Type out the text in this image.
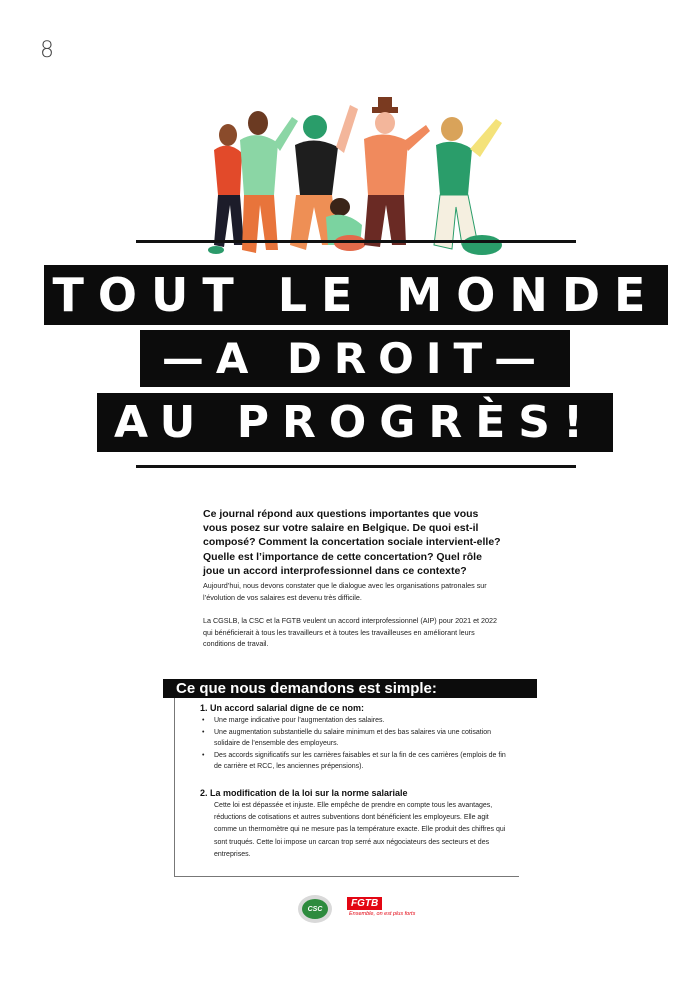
8
TOUT LE MONDE
—A DROIT—
AU PROGRÈS!
Ce journal répond aux questions importantes que vous vous posez sur votre salaire en Belgique. De quoi est-il composé? Comment la concertation sociale intervient-elle? Quelle est l’importance de cette concertation? Quel rôle joue un accord interprofessionnel dans ce contexte?
Aujourd’hui, nous devons constater que le dialogue avec les organisations patronales sur l’évolution de vos salaires est devenu très difficile.
La CGSLB, la CSC et la FGTB veulent un accord interprofessionnel (AIP) pour 2021 et 2022 qui bénéficierait à tous les travailleurs et à toutes les travailleuses en améliorant leurs conditions de travail.
Ce que nous demandons est simple:
1. Un accord salarial digne de ce nom:
• Une marge indicative pour l’augmentation des salaires.
• Une augmentation substantielle du salaire minimum et des bas salaires via une cotisation solidaire de l’ensemble des employeurs.
• Des accords significatifs sur les carrières faisables et sur la fin de ces carrières (emplois de fin de carrière et RCC, les anciennes prépensions).
2. La modification de la loi sur la norme salariale
Cette loi est dépassée et injuste. Elle empêche de prendre en compte tous les avantages, réductions de cotisations et autres subventions dont bénéficient les employeurs. Elle agit comme un thermomètre qui ne mesure pas la température exacte. Elle produit des chiffres qui sont truqués. Cette loi impose un carcan trop serré aux négociateurs des secteurs et des entreprises.
CSC	FGTB
Ensemble, on est plus forts
